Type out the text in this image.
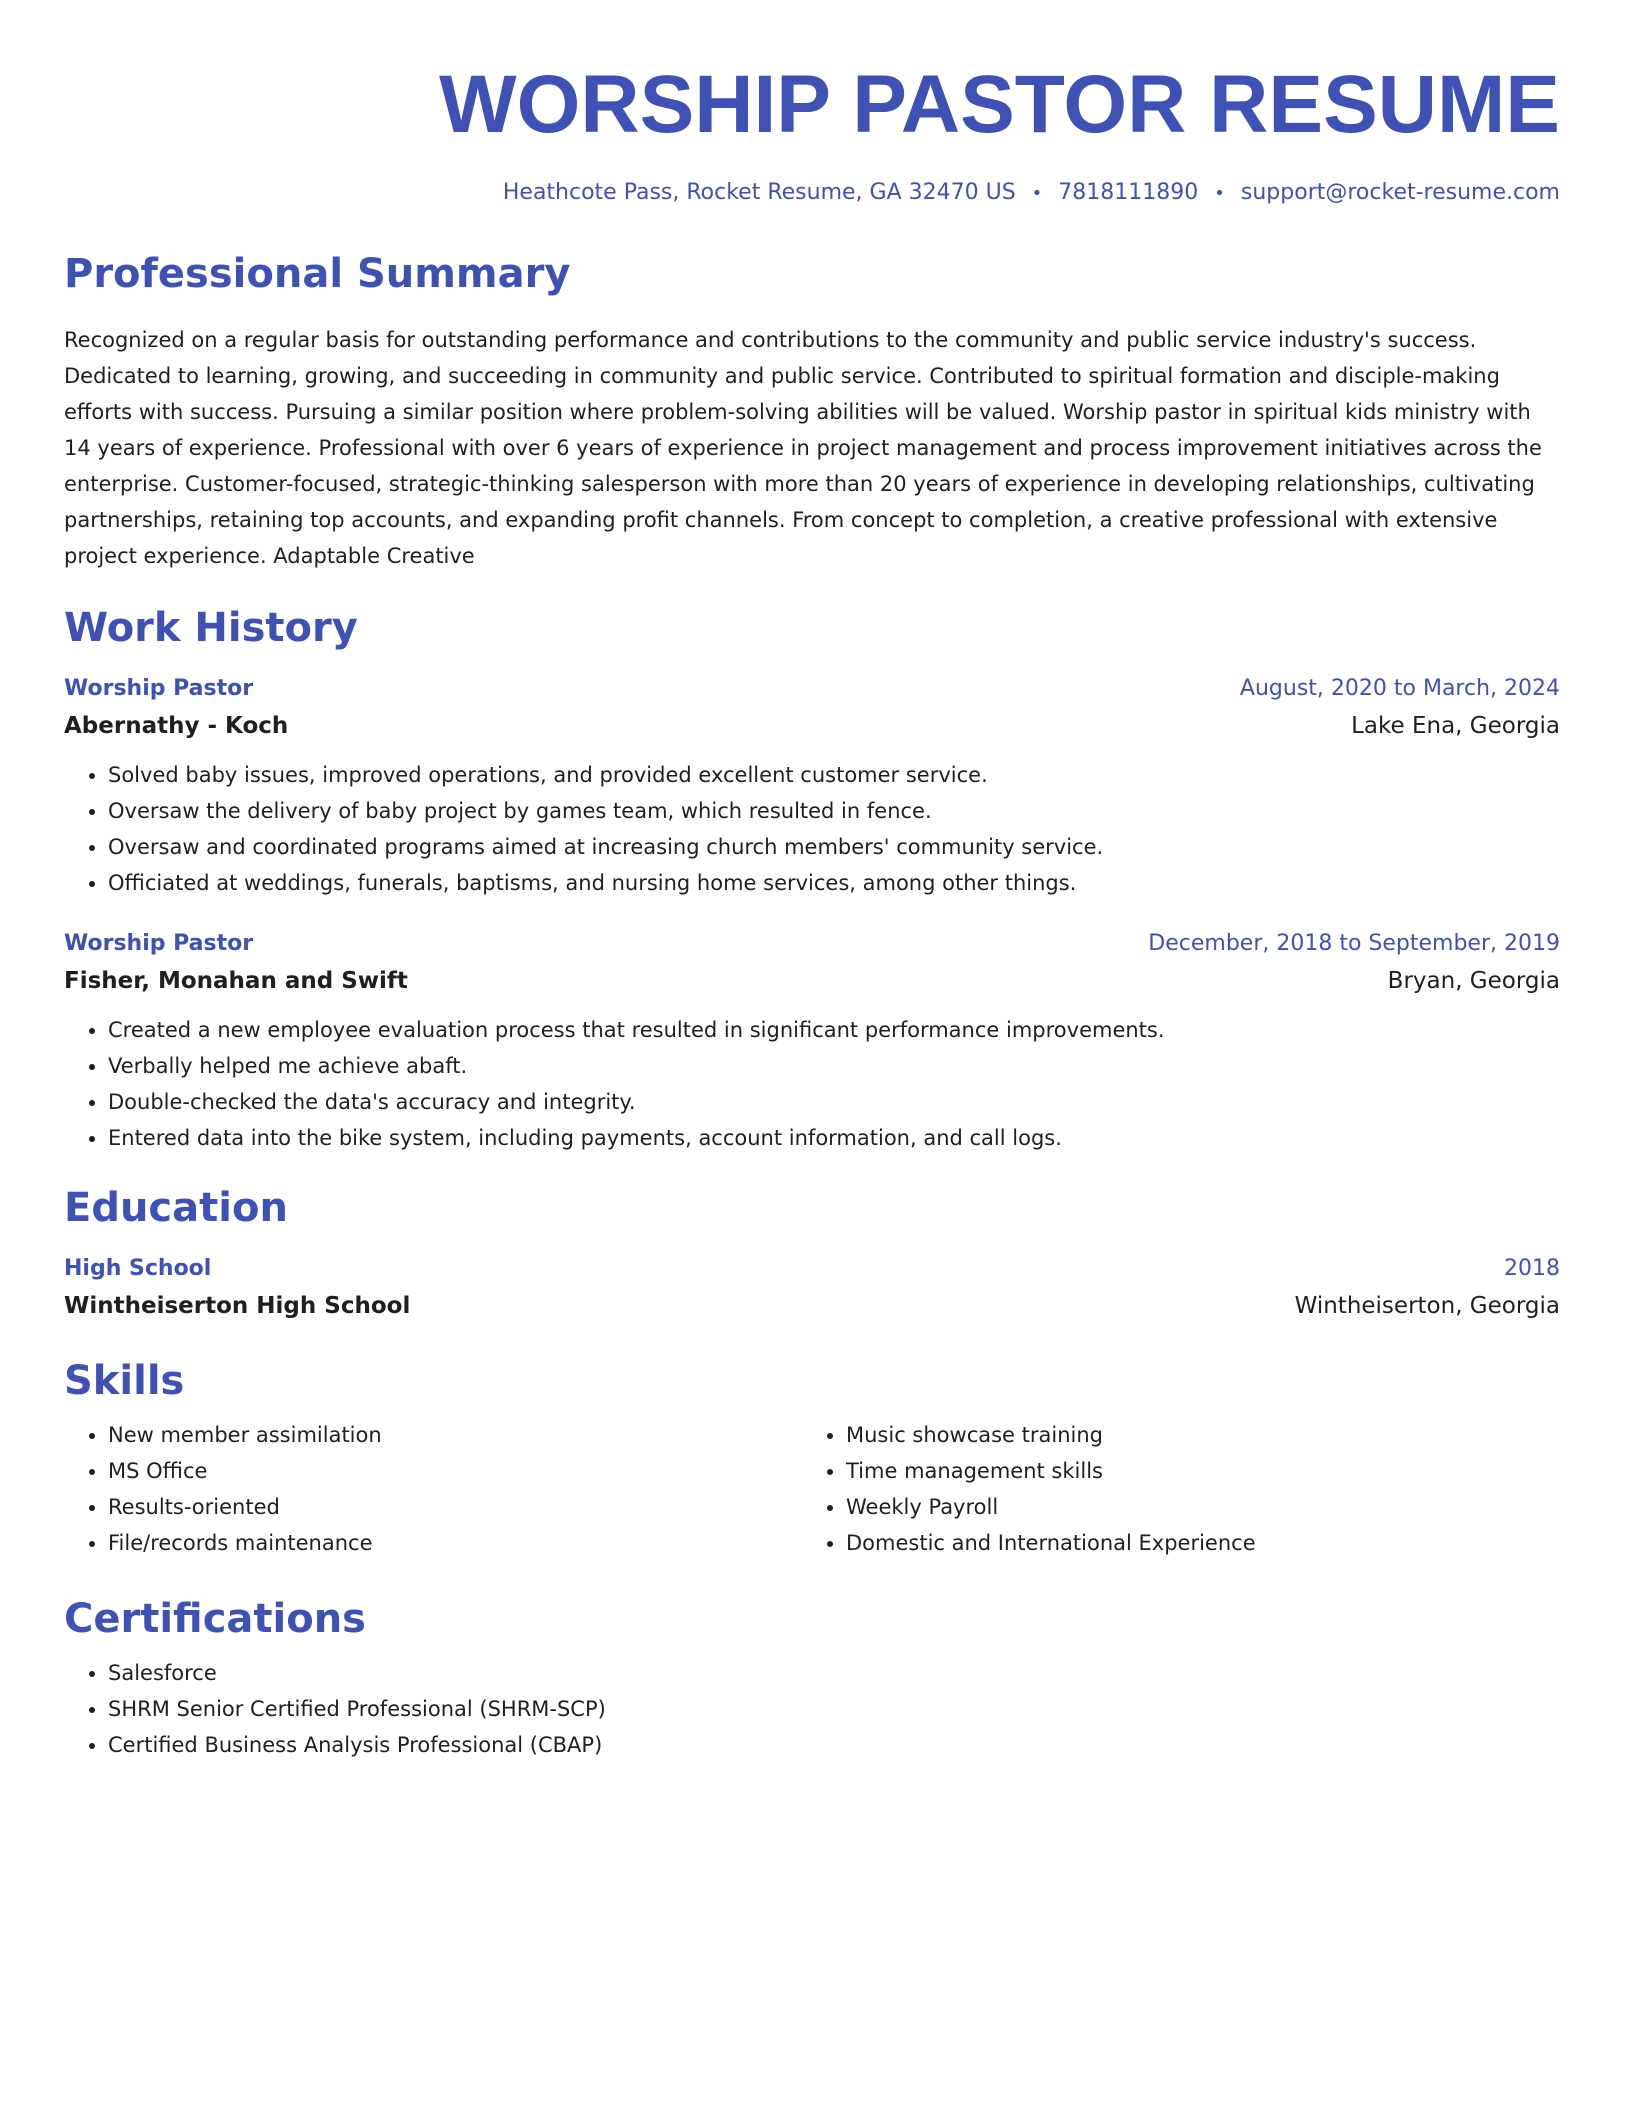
WORSHIP PASTOR RESUME
Heathcote Pass, Rocket Resume, GA 32470 US • 7818111890 • support@rocket-resume.com
Professional Summary

Recognized on a regular basis for outstanding performance and contributions to the community and public service industry's success. Dedicated to learning, growing, and succeeding in community and public service. Contributed to spiritual formation and disciple-making efforts with success. Pursuing a similar position where problem-solving abilities will be valued. Worship pastor in spiritual kids ministry with 14 years of experience. Professional with over 6 years of experience in project management and process improvement initiatives across the enterprise. Customer-focused, strategic-thinking salesperson with more than 20 years of experience in developing relationships, cultivating partnerships, retaining top accounts, and expanding profit channels. From concept to completion, a creative professional with extensive project experience. Adaptable Creative

Work History
Worship Pastor	August, 2020 to March, 2024
Abernathy - Koch	Lake Ena, Georgia
• Solved baby issues, improved operations, and provided excellent customer service.
• Oversaw the delivery of baby project by games team, which resulted in fence.
• Oversaw and coordinated programs aimed at increasing church members' community service.
• Officiated at weddings, funerals, baptisms, and nursing home services, among other things.
Worship Pastor	December, 2018 to September, 2019
Fisher, Monahan and Swift	Bryan, Georgia
• Created a new employee evaluation process that resulted in significant performance improvements.
• Verbally helped me achieve abaft.
• Double-checked the data's accuracy and integrity.
• Entered data into the bike system, including payments, account information, and call logs.
Education
High School	2018
Wintheiserton High School	Wintheiserton, Georgia
Skills
• New member assimilation
• MS Office
• Results-oriented
• File/records maintenance
• Music showcase training
• Time management skills
• Weekly Payroll
• Domestic and International Experience
Certifications
• Salesforce
• SHRM Senior Certified Professional (SHRM-SCP)
• Certified Business Analysis Professional (CBAP)
